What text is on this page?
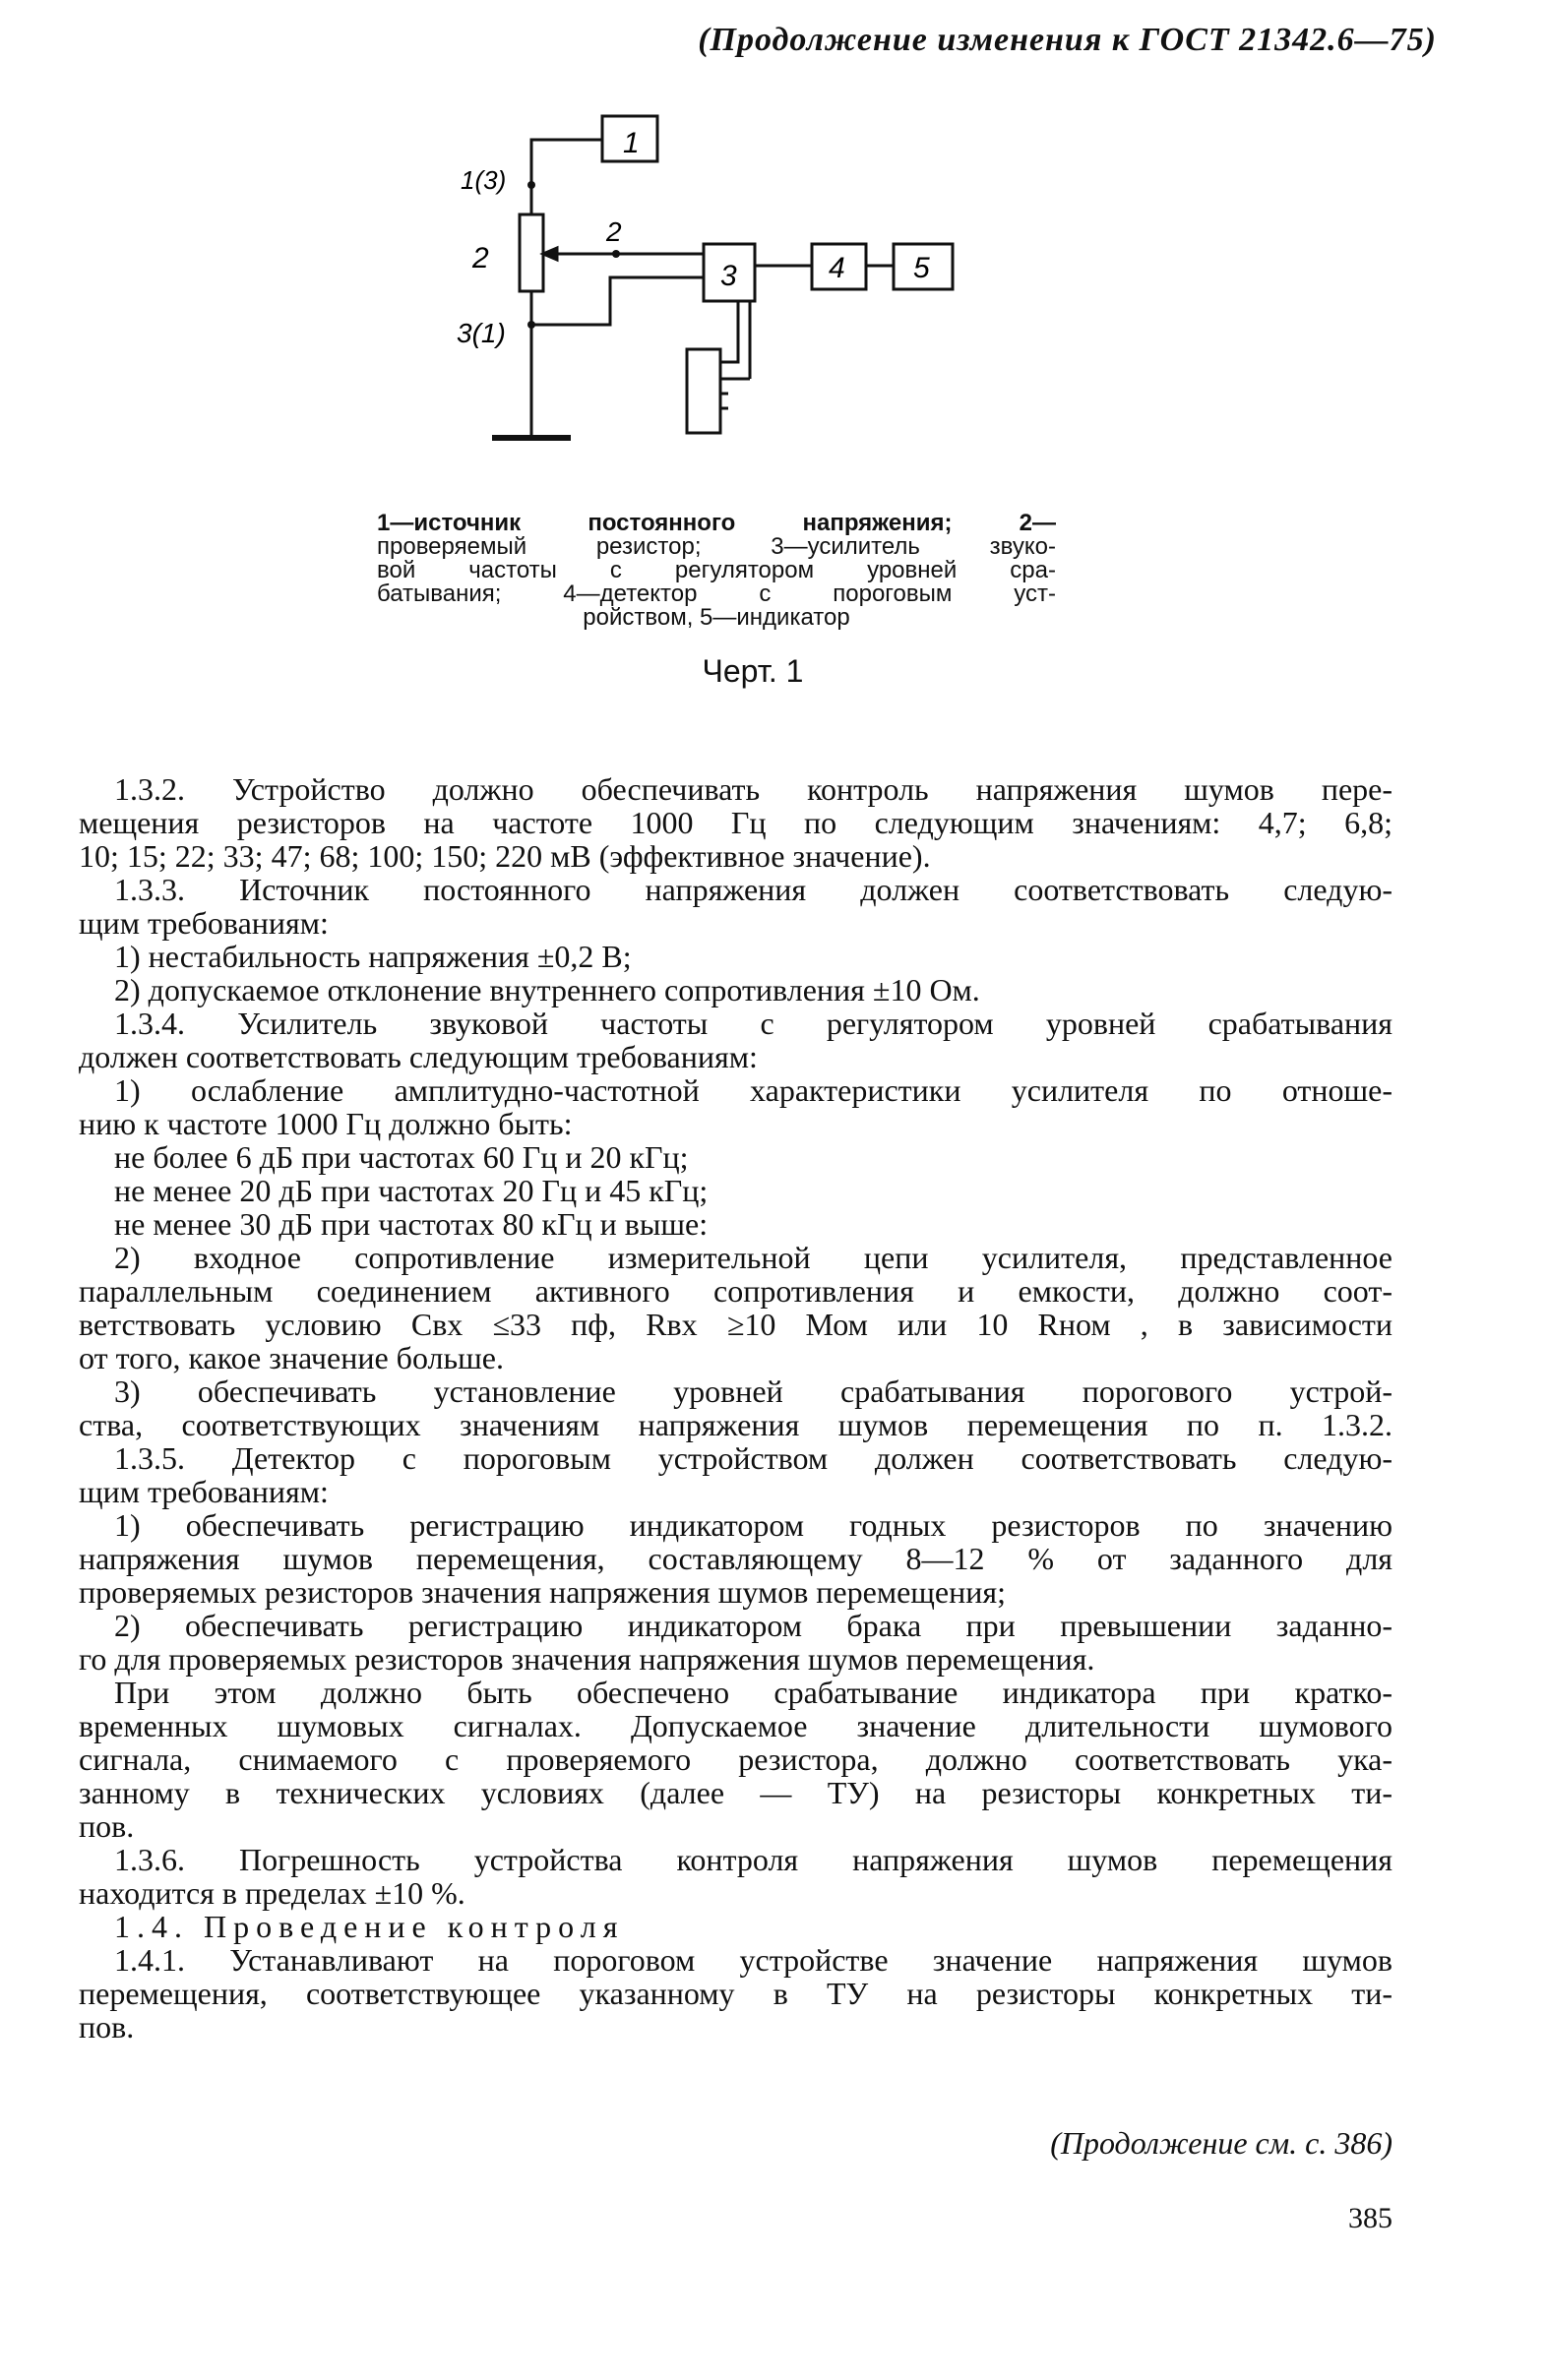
(Продолжение изменения к ГОСТ 21342.6—75)
1(3)
2
3(1)
2
1
3	4 5
1—источник постоянного напряжения; 2—
проверяемый резистор; 3—усилитель звуко-
вой частоты с регулятором уровней сра-
батывания; 4—детектор с пороговым уст-
ройством, 5—индикатор
Черт. 1
1.3.2. Устройство должно обеспечивать контроль напряжения шумов пере-
мещения резисторов на частоте 1000 Гц по следующим значениям: 4,7; 6,8;
10; 15; 22; 33; 47; 68; 100; 150; 220 мВ (эффективное значение).
1.3.3. Источник постоянного напряжения должен соответствовать следую-
щим требованиям:
1) нестабильность напряжения ±0,2 В;
2) допускаемое отклонение внутреннего сопротивления ±10 Ом.
1.3.4. Усилитель звуковой частоты с регулятором уровней срабатывания
должен соответствовать следующим требованиям:
1) ослабление амплитудно-частотной характеристики усилителя по отноше-
нию к частоте 1000 Гц должно быть:
не более 6 дБ при частотах 60 Гц и 20 кГц;
не менее 20 дБ при частотах 20 Гц и 45 кГц;
не менее 30 дБ при частотах 80 кГц и выше:
2) входное сопротивление измерительной цепи усилителя, представленное
параллельным соединением активного сопротивления и емкости, должно соот-
ветствовать условию Cвх ≤33 пф, Rвх ≥10 Мом или 10 Rном , в зависимости
от того, какое значение больше.
3) обеспечивать установление уровней срабатывания порогового устрой-
ства, соответствующих значениям напряжения шумов перемещения по п. 1.3.2.
1.3.5. Детектор с пороговым устройством должен соответствовать следую-
щим требованиям:
1) обеспечивать регистрацию индикатором годных резисторов по значению
напряжения шумов перемещения, составляющему 8—12 % от заданного для
проверяемых резисторов значения напряжения шумов перемещения;
2) обеспечивать регистрацию индикатором брака при превышении заданно-
го для проверяемых резисторов значения напряжения шумов перемещения.
При этом должно быть обеспечено срабатывание индикатора при кратко-
временных шумовых сигналах. Допускаемое значение длительности шумового
сигнала, снимаемого с проверяемого резистора, должно соответствовать ука-
занному в технических условиях (далее — ТУ) на резисторы конкретных ти-
пов.
1.3.6. Погрешность устройства контроля напряжения шумов перемещения
находится в пределах ±10 %.
1.4. Проведение контроля
1.4.1. Устанавливают на пороговом устройстве значение напряжения шумов
перемещения, соответствующее указанному в ТУ на резисторы конкретных ти-
пов.
(Продолжение см. с. 386)
385
